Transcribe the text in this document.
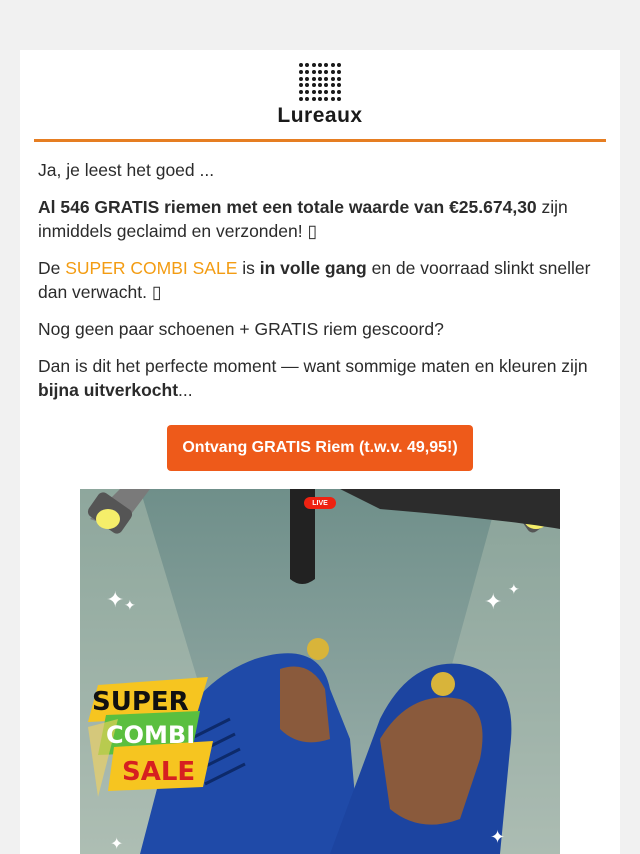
Lureaux

Ja, je leest het goed ...

Al 546 GRATIS riemen met een totale waarde van €25.674,30 zijn inmiddels geclaimd en verzonden! ▯

De SUPER COMBI SALE is in volle gang en de voorraad slinkt sneller dan verwacht. ▯

Nog geen paar schoenen + GRATIS riem gescoord?

Dan is dit het perfecte moment — want sommige maten en kleuren zijn bijna uitverkocht...

Ontvang GRATIS Riem (t.w.v. 49,95!)
LIVE
✦ ✦	✦ ✦
✦	✦
SUPER
COMBI
SALE
